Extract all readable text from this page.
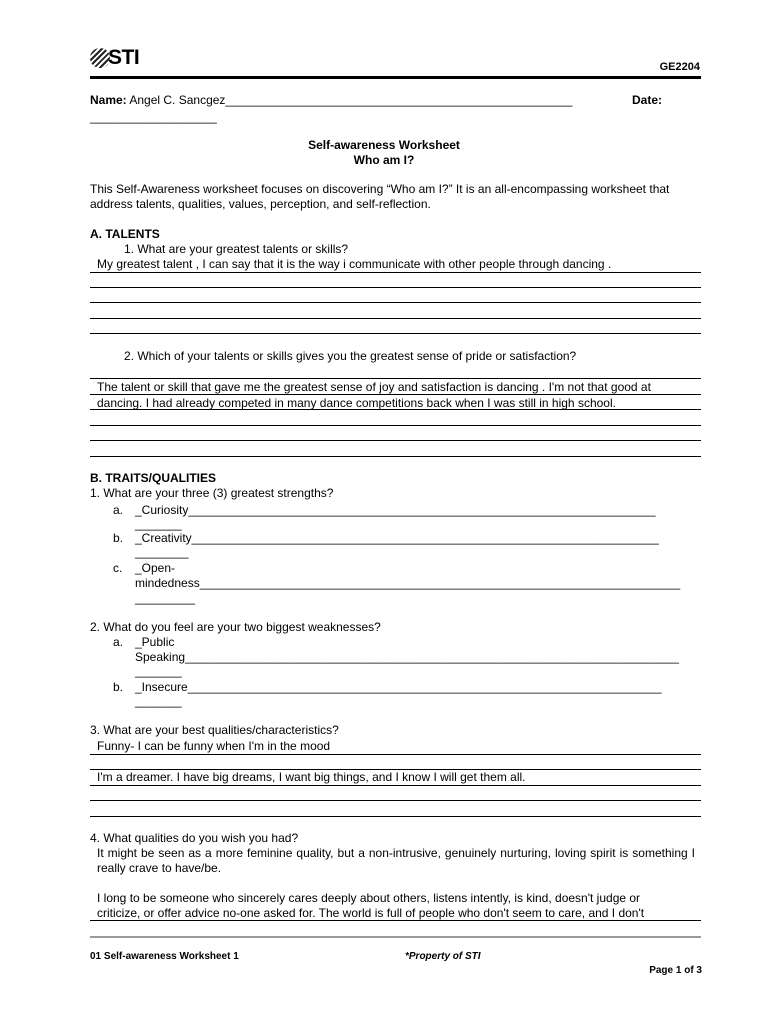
STI	GE2204
Name: Angel C. Sancgez____________________________________________________	Date:
___________________
Self-awareness Worksheet
Who am I?
This Self-Awareness worksheet focuses on discovering “Who am I?” It is an all-encompassing worksheet that address talents, qualities, values, perception, and self-reflection.
A. TALENTS
1. What are your greatest talents or skills?
My greatest talent , I can say that it is the way i communicate with other people through dancing .
2. Which of your talents or skills gives you the greatest sense of pride or satisfaction?
The talent or skill that gave me the greatest sense of joy and satisfaction is dancing . I'm not that good at
dancing. I had already competed in many dance competitions back when I was still in high school.
B. TRAITS/QUALITIES
1. What are your three (3) greatest strengths?
a. _Curiosity______________________________________________________________________
_______
b. _Creativity______________________________________________________________________
________
c. _Open-
mindedness________________________________________________________________________
_________
2. What do you feel are your two biggest weaknesses?
a. _Public
Speaking__________________________________________________________________________
_______
b. _Insecure_______________________________________________________________________
_______
3. What are your best qualities/characteristics?
Funny- I can be funny when I'm in the mood
I'm a dreamer. I have big dreams, I want big things, and I know I will get them all.
4. What qualities do you wish you had?
It might be seen as a more feminine quality, but a non-intrusive, genuinely nurturing, loving spirit is something I really crave to have/be.
I long to be someone who sincerely cares deeply about others, listens intently, is kind, doesn't judge or
criticize, or offer advice no-one asked for. The world is full of people who don't seem to care, and I don't
01 Self-awareness Worksheet 1	*Property of STI
Page 1 of 3
